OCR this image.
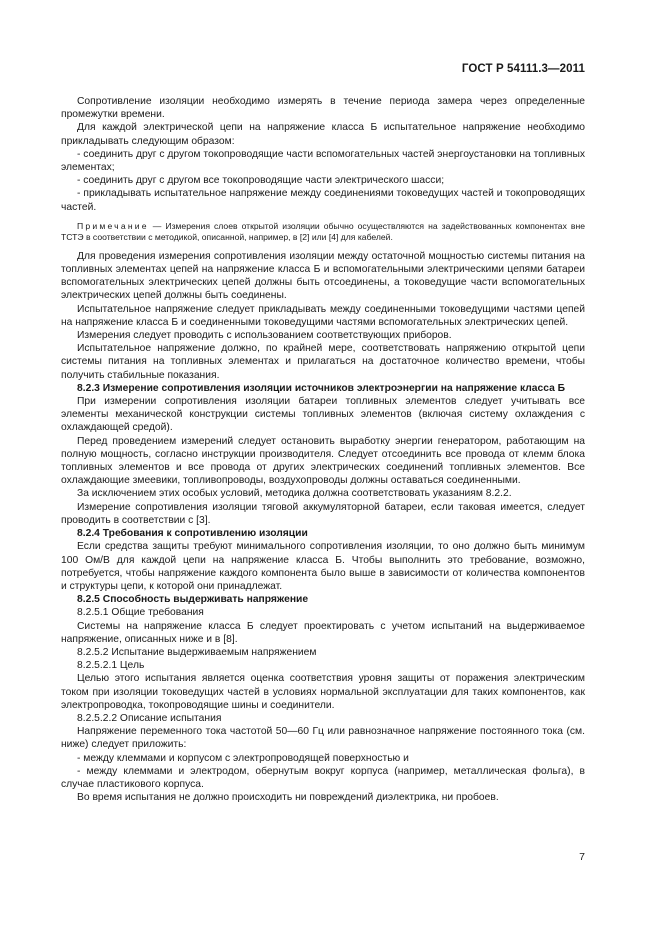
ГОСТ Р 54111.3—2011

Сопротивление изоляции необходимо измерять в течение периода замера через определенные промежутки времени.

Для каждой электрической цепи на напряжение класса Б испытательное напряжение необходимо прикладывать следующим образом:

- соединить друг с другом токопроводящие части вспомогательных частей энергоустановки на топливных элементах;

- соединить друг с другом все токопроводящие части электрического шасси;

- прикладывать испытательное напряжение между соединениями токоведущих частей и токопроводящих частей.

Примечание — Измерения слоев открытой изоляции обычно осуществляются на задействованных компонентах вне ТСТЭ в соответствии с методикой, описанной, например, в [2] или [4] для кабелей.

Для проведения измерения сопротивления изоляции между остаточной мощностью системы питания на топливных элементах цепей на напряжение класса Б и вспомогательными электрическими цепями батареи вспомогательных электрических цепей должны быть отсоединены, а токоведущие части вспомогательных электрических цепей должны быть соединены.

Испытательное напряжение следует прикладывать между соединенными токоведущими частями цепей на напряжение класса Б и соединенными токоведущими частями вспомогательных электрических цепей.

Измерения следует проводить с использованием соответствующих приборов.

Испытательное напряжение должно, по крайней мере, соответствовать напряжению открытой цепи системы питания на топливных элементах и прилагаться на достаточное количество времени, чтобы получить стабильные показания.

8.2.3 Измерение сопротивления изоляции источников электроэнергии на напряжение класса Б

При измерении сопротивления изоляции батареи топливных элементов следует учитывать все элементы механической конструкции системы топливных элементов (включая систему охлаждения с охлаждающей средой).

Перед проведением измерений следует остановить выработку энергии генератором, работающим на полную мощность, согласно инструкции производителя. Следует отсоединить все провода от клемм блока топливных элементов и все провода от других электрических соединений топливных элементов. Все охлаждающие змеевики, топливопроводы, воздухопроводы должны оставаться соединенными.

За исключением этих особых условий, методика должна соответствовать указаниям 8.2.2.

Измерение сопротивления изоляции тяговой аккумуляторной батареи, если таковая имеется, следует проводить в соответствии с [3].

8.2.4 Требования к сопротивлению изоляции

Если средства защиты требуют минимального сопротивления изоляции, то оно должно быть минимум 100 Ом/В для каждой цепи на напряжение класса Б. Чтобы выполнить это требование, возможно, потребуется, чтобы напряжение каждого компонента было выше в зависимости от количества компонентов и структуры цепи, к которой они принадлежат.

8.2.5 Способность выдерживать напряжение

8.2.5.1 Общие требования

Системы на напряжение класса Б следует проектировать с учетом испытаний на выдерживаемое напряжение, описанных ниже и в [8].

8.2.5.2 Испытание выдерживаемым напряжением

8.2.5.2.1 Цель

Целью этого испытания является оценка соответствия уровня защиты от поражения электрическим током при изоляции токоведущих частей в условиях нормальной эксплуатации для таких компонентов, как электропроводка, токопроводящие шины и соединители.

8.2.5.2.2 Описание испытания

Напряжение переменного тока частотой 50—60 Гц или равнозначное напряжение постоянного тока (см. ниже) следует приложить:

- между клеммами и корпусом с электропроводящей поверхностью и

- между клеммами и электродом, обернутым вокруг корпуса (например, металлическая фольга), в случае пластикового корпуса.

Во время испытания не должно происходить ни повреждений диэлектрика, ни пробоев.

7
